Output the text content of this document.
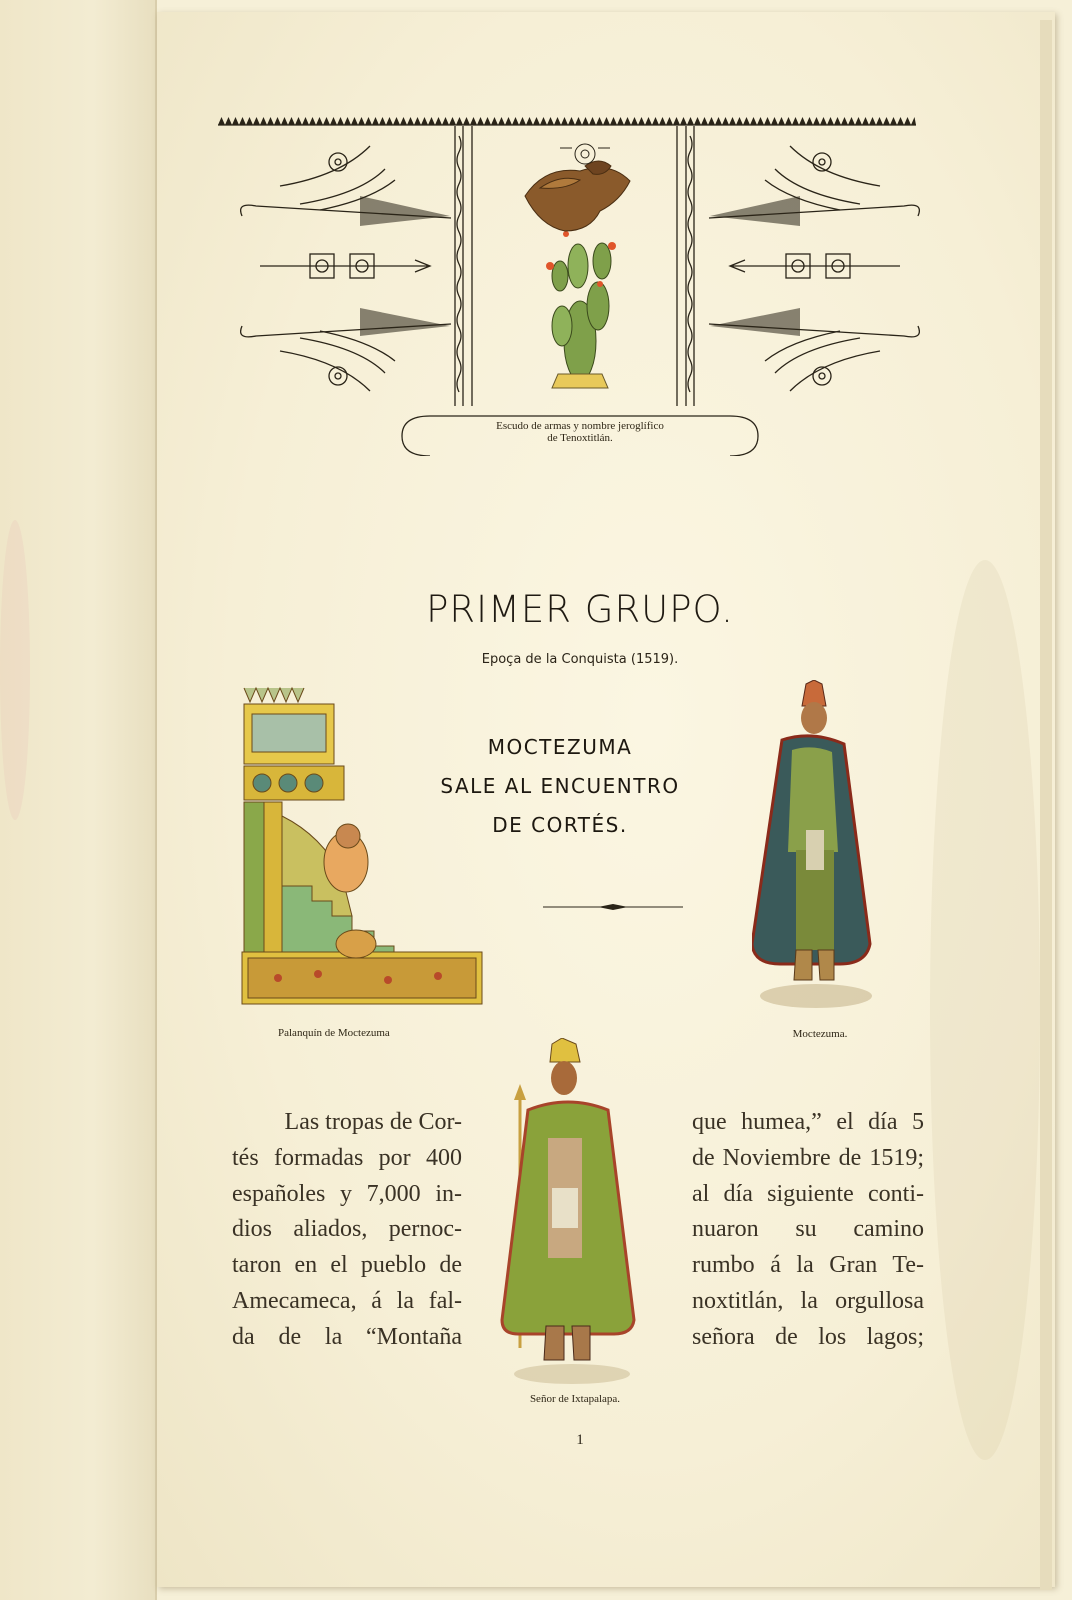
Escudo de armas y nombre jeroglífico
de Tenoxtitlán.
PRIMER GRUPO.
Epoça de la Conquista (1519).
MOCTEZUMA
SALE AL ENCUENTRO
DE CORTÉS.
Palanquín de Moctezuma	Moctezuma.
Señor de Ixtapalapa.
Las tropas de Cor-
tés formadas por 400
españoles y 7,000 in-
dios aliados, pernoc-
taron en el pueblo de
Amecameca, á la fal-
da de la “Montaña
que humea,” el día 5
de Noviembre de 1519;
al día siguiente conti-
nuaron su camino
rumbo á la Gran Te-
noxtitlán, la orgullosa
señora de los lagos;
1
